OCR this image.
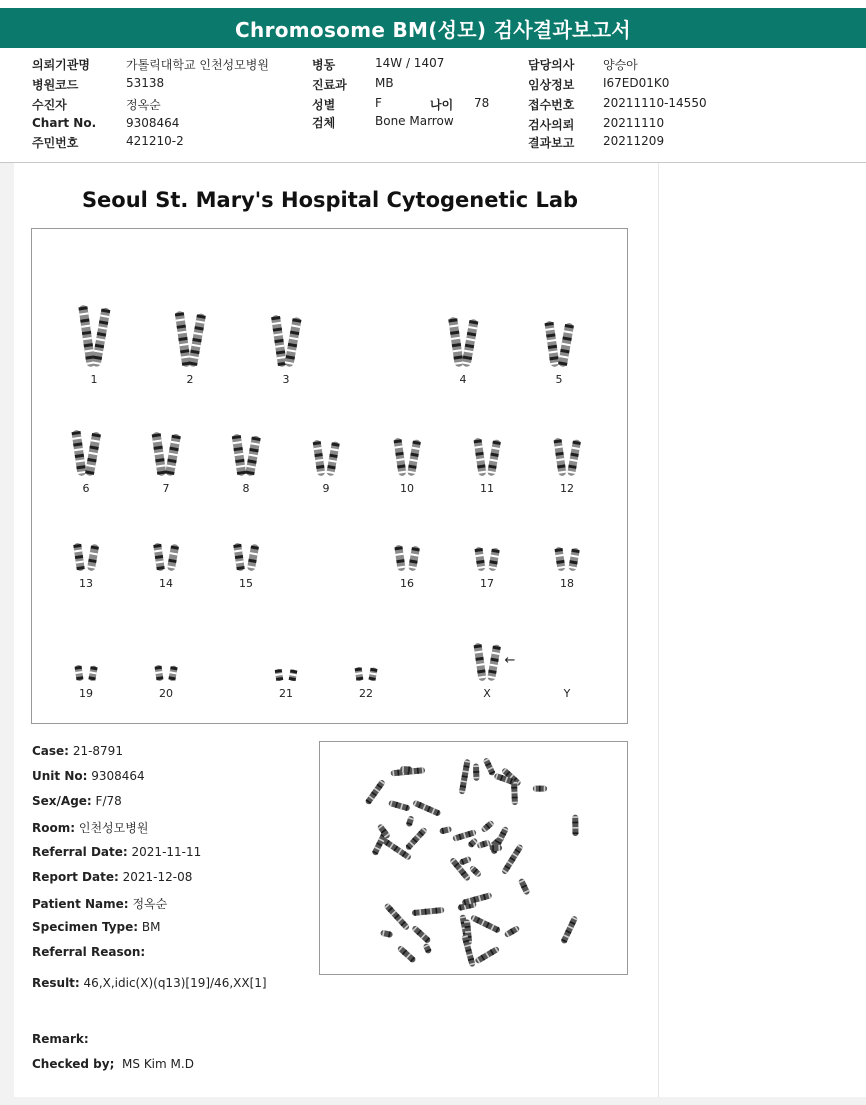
Chromosome BM(성모) 검사결과보고서
의뢰기관명	가톨릭대학교 인천성모병원
병원코드	53138
수진자	정옥순
Chart No. 9308464
주민번호	421210-2
병동	14W / 1407
진료과 MB
성별	F	나이 78
검체	Bone Marrow
담당의사 양승아
임상정보 I67ED01K0
접수번호 20211110-14550
검사의뢰 20211110
결과보고 20211209
Seoul St. Mary's Hospital Cytogenetic Lab
1	2	3	4	5
6	7	8	9	10	11	12
13	14	15	16	17	18
19	20	21	22	X	Y
←
Case: 21-8791
Unit No: 9308464
Sex/Age: F/78
Room: 인천성모병원
Referral Date: 2021-11-11
Report Date: 2021-12-08
Patient Name: 정옥순
Specimen Type: BM
Referral Reason:
Result: 46,X,idic(X)(q13)[19]/46,XX[1]
Remark:
Checked by; MS Kim M.D
